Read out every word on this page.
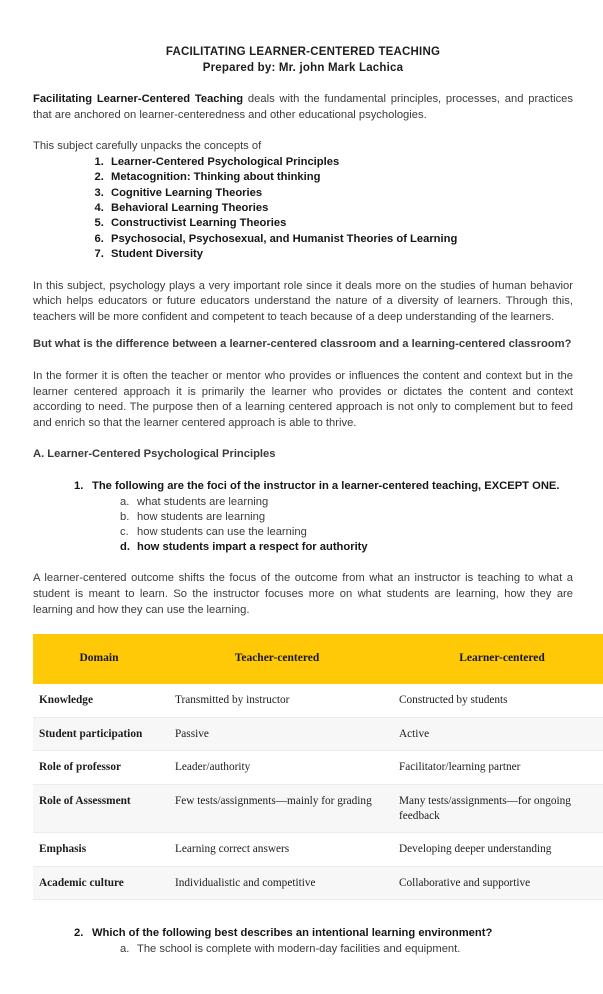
FACILITATING LEARNER-CENTERED TEACHING
Prepared by: Mr. john Mark Lachica

Facilitating Learner-Centered Teaching deals with the fundamental principles, processes, and practices that are anchored on learner-centeredness and other educational psychologies.

This subject carefully unpacks the concepts of

1. Learner-Centered Psychological Principles
2. Metacognition: Thinking about thinking
3. Cognitive Learning Theories
4. Behavioral Learning Theories
5. Constructivist Learning Theories
6. Psychosocial, Psychosexual, and Humanist Theories of Learning
7. Student Diversity

In this subject, psychology plays a very important role since it deals more on the studies of human behavior which helps educators or future educators understand the nature of a diversity of learners. Through this, teachers will be more confident and competent to teach because of a deep understanding of the learners.

But what is the difference between a learner-centered classroom and a learning-centered classroom?

In the former it is often the teacher or mentor who provides or influences the content and context but in the learner centered approach it is primarily the learner who provides or dictates the content and context according to need. The purpose then of a learning centered approach is not only to complement but to feed and enrich so that the learner centered approach is able to thrive.

A. Learner-Centered Psychological Principles

1. The following are the foci of the instructor in a learner-centered teaching, EXCEPT ONE.
a. what students are learning
b. how students are learning
c. how students can use the learning
d. how students impart a respect for authority

A learner-centered outcome shifts the focus of the outcome from what an instructor is teaching to what a student is meant to learn. So the instructor focuses more on what students are learning, how they are learning and how they can use the learning.

Domain	Teacher-centered	Learner-centered
Knowledge	Transmitted by instructor	Constructed by students
Student participation	Passive	Active
Role of professor	Leader/authority	Facilitator/learning partner
Role of Assessment	Few tests/assignments—mainly for grading	Many tests/assignments—for ongoing feedback
Emphasis	Learning correct answers	Developing deeper understanding
Academic culture	Individualistic and competitive	Collaborative and supportive
2. Which of the following best describes an intentional learning environment?
a. The school is complete with modern-day facilities and equipment.
